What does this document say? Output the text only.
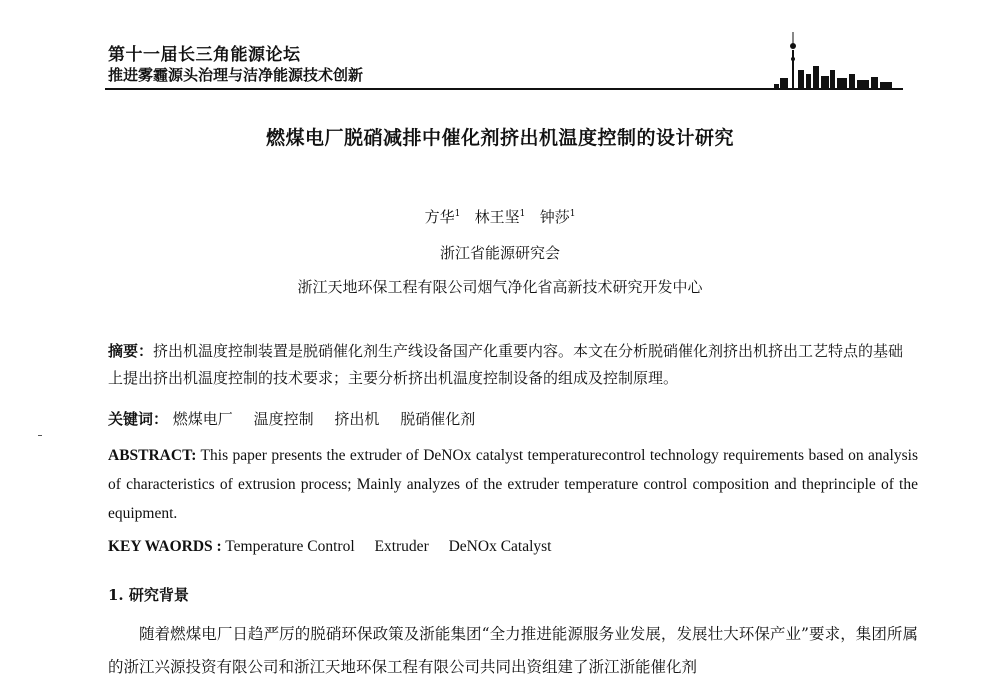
第十一届长三角能源论坛
推进雾霾源头治理与洁净能源技术创新
燃煤电厂脱硝减排中催化剂挤出机温度控制的设计研究
方华$^1$ 林王坚$^1$ 钟莎$^1$
浙江省能源研究会
浙江天地环保工程有限公司烟气净化省高新技术研究开发中心
摘要：挤出机温度控制装置是脱硝催化剂生产线设备国产化重要内容。本文在分析脱硝催化剂挤出机挤出工艺特点的基础上提出挤出机温度控制的技术要求；主要分析挤出机温度控制设备的组成及控制原理。
关键词： 燃煤电厂 温度控制 挤出机 脱硝催化剂
ABSTRACT: This paper presents the extruder of DeNOx catalyst temperaturecontrol technology requirements based on analysis of characteristics of extrusion process; Mainly analyzes of the extruder temperature control composition and theprinciple of the equipment.
KEY WAORDS : Temperature Control Extruder DeNOx Catalyst
1. 研究背景
随着燃煤电厂日趋严厉的脱硝环保政策及浙能集团“全力推进能源服务业发展，发展壮大环保产业”要求，集团所属的浙江兴源投资有限公司和浙江天地环保工程有限公司共同出资组建了浙江浙能催化剂
